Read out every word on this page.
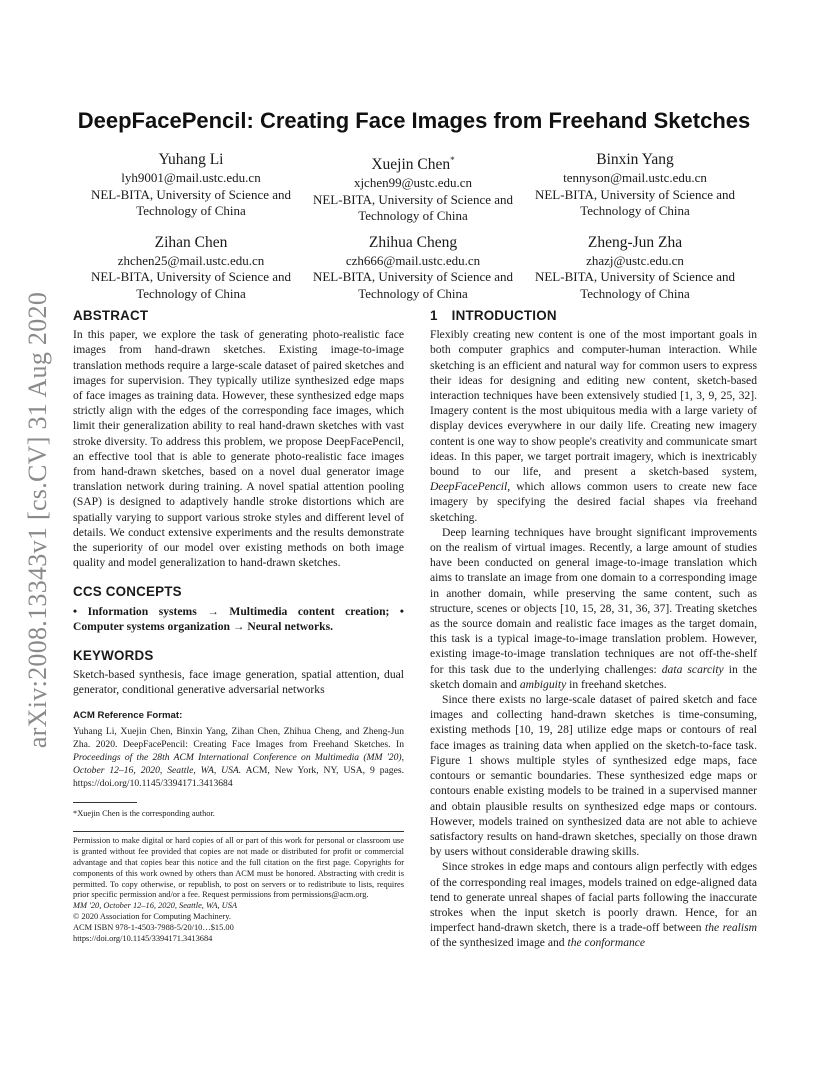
arXiv:2008.13343v1 [cs.CV] 31 Aug 2020
DeepFacePencil: Creating Face Images from Freehand Sketches
Yuhang Li
lyh9001@mail.ustc.edu.cn
NEL-BITA, University of Science and
Technology of China
Xuejin Chen*
xjchen99@ustc.edu.cn
NEL-BITA, University of Science and
Technology of China
Binxin Yang
tennyson@mail.ustc.edu.cn
NEL-BITA, University of Science and
Technology of China
Zihan Chen
zhchen25@mail.ustc.edu.cn
NEL-BITA, University of Science and
Technology of China
Zhihua Cheng
czh666@mail.ustc.edu.cn
NEL-BITA, University of Science and
Technology of China
Zheng-Jun Zha
zhazj@ustc.edu.cn
NEL-BITA, University of Science and
Technology of China
ABSTRACT

In this paper, we explore the task of generating photo-realistic face images from hand-drawn sketches. Existing image-to-image translation methods require a large-scale dataset of paired sketches and images for supervision. They typically utilize synthesized edge maps of face images as training data. However, these synthesized edge maps strictly align with the edges of the corresponding face images, which limit their generalization ability to real hand-drawn sketches with vast stroke diversity. To address this problem, we propose DeepFacePencil, an effective tool that is able to generate photo-realistic face images from hand-drawn sketches, based on a novel dual generator image translation network during training. A novel spatial attention pooling (SAP) is designed to adaptively handle stroke distortions which are spatially varying to support various stroke styles and different level of details. We conduct extensive experiments and the results demonstrate the superiority of our model over existing methods on both image quality and model generalization to hand-drawn sketches.

CCS CONCEPTS

• Information systems → Multimedia content creation; • Computer systems organization → Neural networks.

KEYWORDS

Sketch-based synthesis, face image generation, spatial attention, dual generator, conditional generative adversarial networks

ACM Reference Format:
Yuhang Li, Xuejin Chen, Binxin Yang, Zihan Chen, Zhihua Cheng, and Zheng-Jun Zha. 2020. DeepFacePencil: Creating Face Images from Freehand Sketches. In Proceedings of the 28th ACM International Conference on Multimedia (MM '20), October 12–16, 2020, Seattle, WA, USA. ACM, New York, NY, USA, 9 pages. https://doi.org/10.1145/3394171.3413684
*Xuejin Chen is the corresponding author.
Permission to make digital or hard copies of all or part of this work for personal or classroom use is granted without fee provided that copies are not made or distributed for profit or commercial advantage and that copies bear this notice and the full citation on the first page. Copyrights for components of this work owned by others than ACM must be honored. Abstracting with credit is permitted. To copy otherwise, or republish, to post on servers or to redistribute to lists, requires prior specific permission and/or a fee. Request permissions from permissions@acm.org.
MM '20, October 12–16, 2020, Seattle, WA, USA
© 2020 Association for Computing Machinery.
ACM ISBN 978-1-4503-7988-5/20/10…$15.00
https://doi.org/10.1145/3394171.3413684
1 INTRODUCTION

Flexibly creating new content is one of the most important goals in both computer graphics and computer-human interaction. While sketching is an efficient and natural way for common users to express their ideas for designing and editing new content, sketch-based interaction techniques have been extensively studied [1, 3, 9, 25, 32]. Imagery content is the most ubiquitous media with a large variety of display devices everywhere in our daily life. Creating new imagery content is one way to show people's creativity and communicate smart ideas. In this paper, we target portrait imagery, which is inextricably bound to our life, and present a sketch-based system, DeepFacePencil, which allows common users to create new face imagery by specifying the desired facial shapes via freehand sketching.

Deep learning techniques have brought significant improvements on the realism of virtual images. Recently, a large amount of studies have been conducted on general image-to-image translation which aims to translate an image from one domain to a corresponding image in another domain, while preserving the same content, such as structure, scenes or objects [10, 15, 28, 31, 36, 37]. Treating sketches as the source domain and realistic face images as the target domain, this task is a typical image-to-image translation problem. However, existing image-to-image translation techniques are not off-the-shelf for this task due to the underlying challenges: data scarcity in the sketch domain and ambiguity in freehand sketches.

Since there exists no large-scale dataset of paired sketch and face images and collecting hand-drawn sketches is time-consuming, existing methods [10, 19, 28] utilize edge maps or contours of real face images as training data when applied on the sketch-to-face task. Figure 1 shows multiple styles of synthesized edge maps, face contours or semantic boundaries. These synthesized edge maps or contours enable existing models to be trained in a supervised manner and obtain plausible results on synthesized edge maps or contours. However, models trained on synthesized data are not able to achieve satisfactory results on hand-drawn sketches, specially on those drawn by users without considerable drawing skills.

Since strokes in edge maps and contours align perfectly with edges of the corresponding real images, models trained on edge-aligned data tend to generate unreal shapes of facial parts following the inaccurate strokes when the input sketch is poorly drawn. Hence, for an imperfect hand-drawn sketch, there is a trade-off between the realism of the synthesized image and the conformance
